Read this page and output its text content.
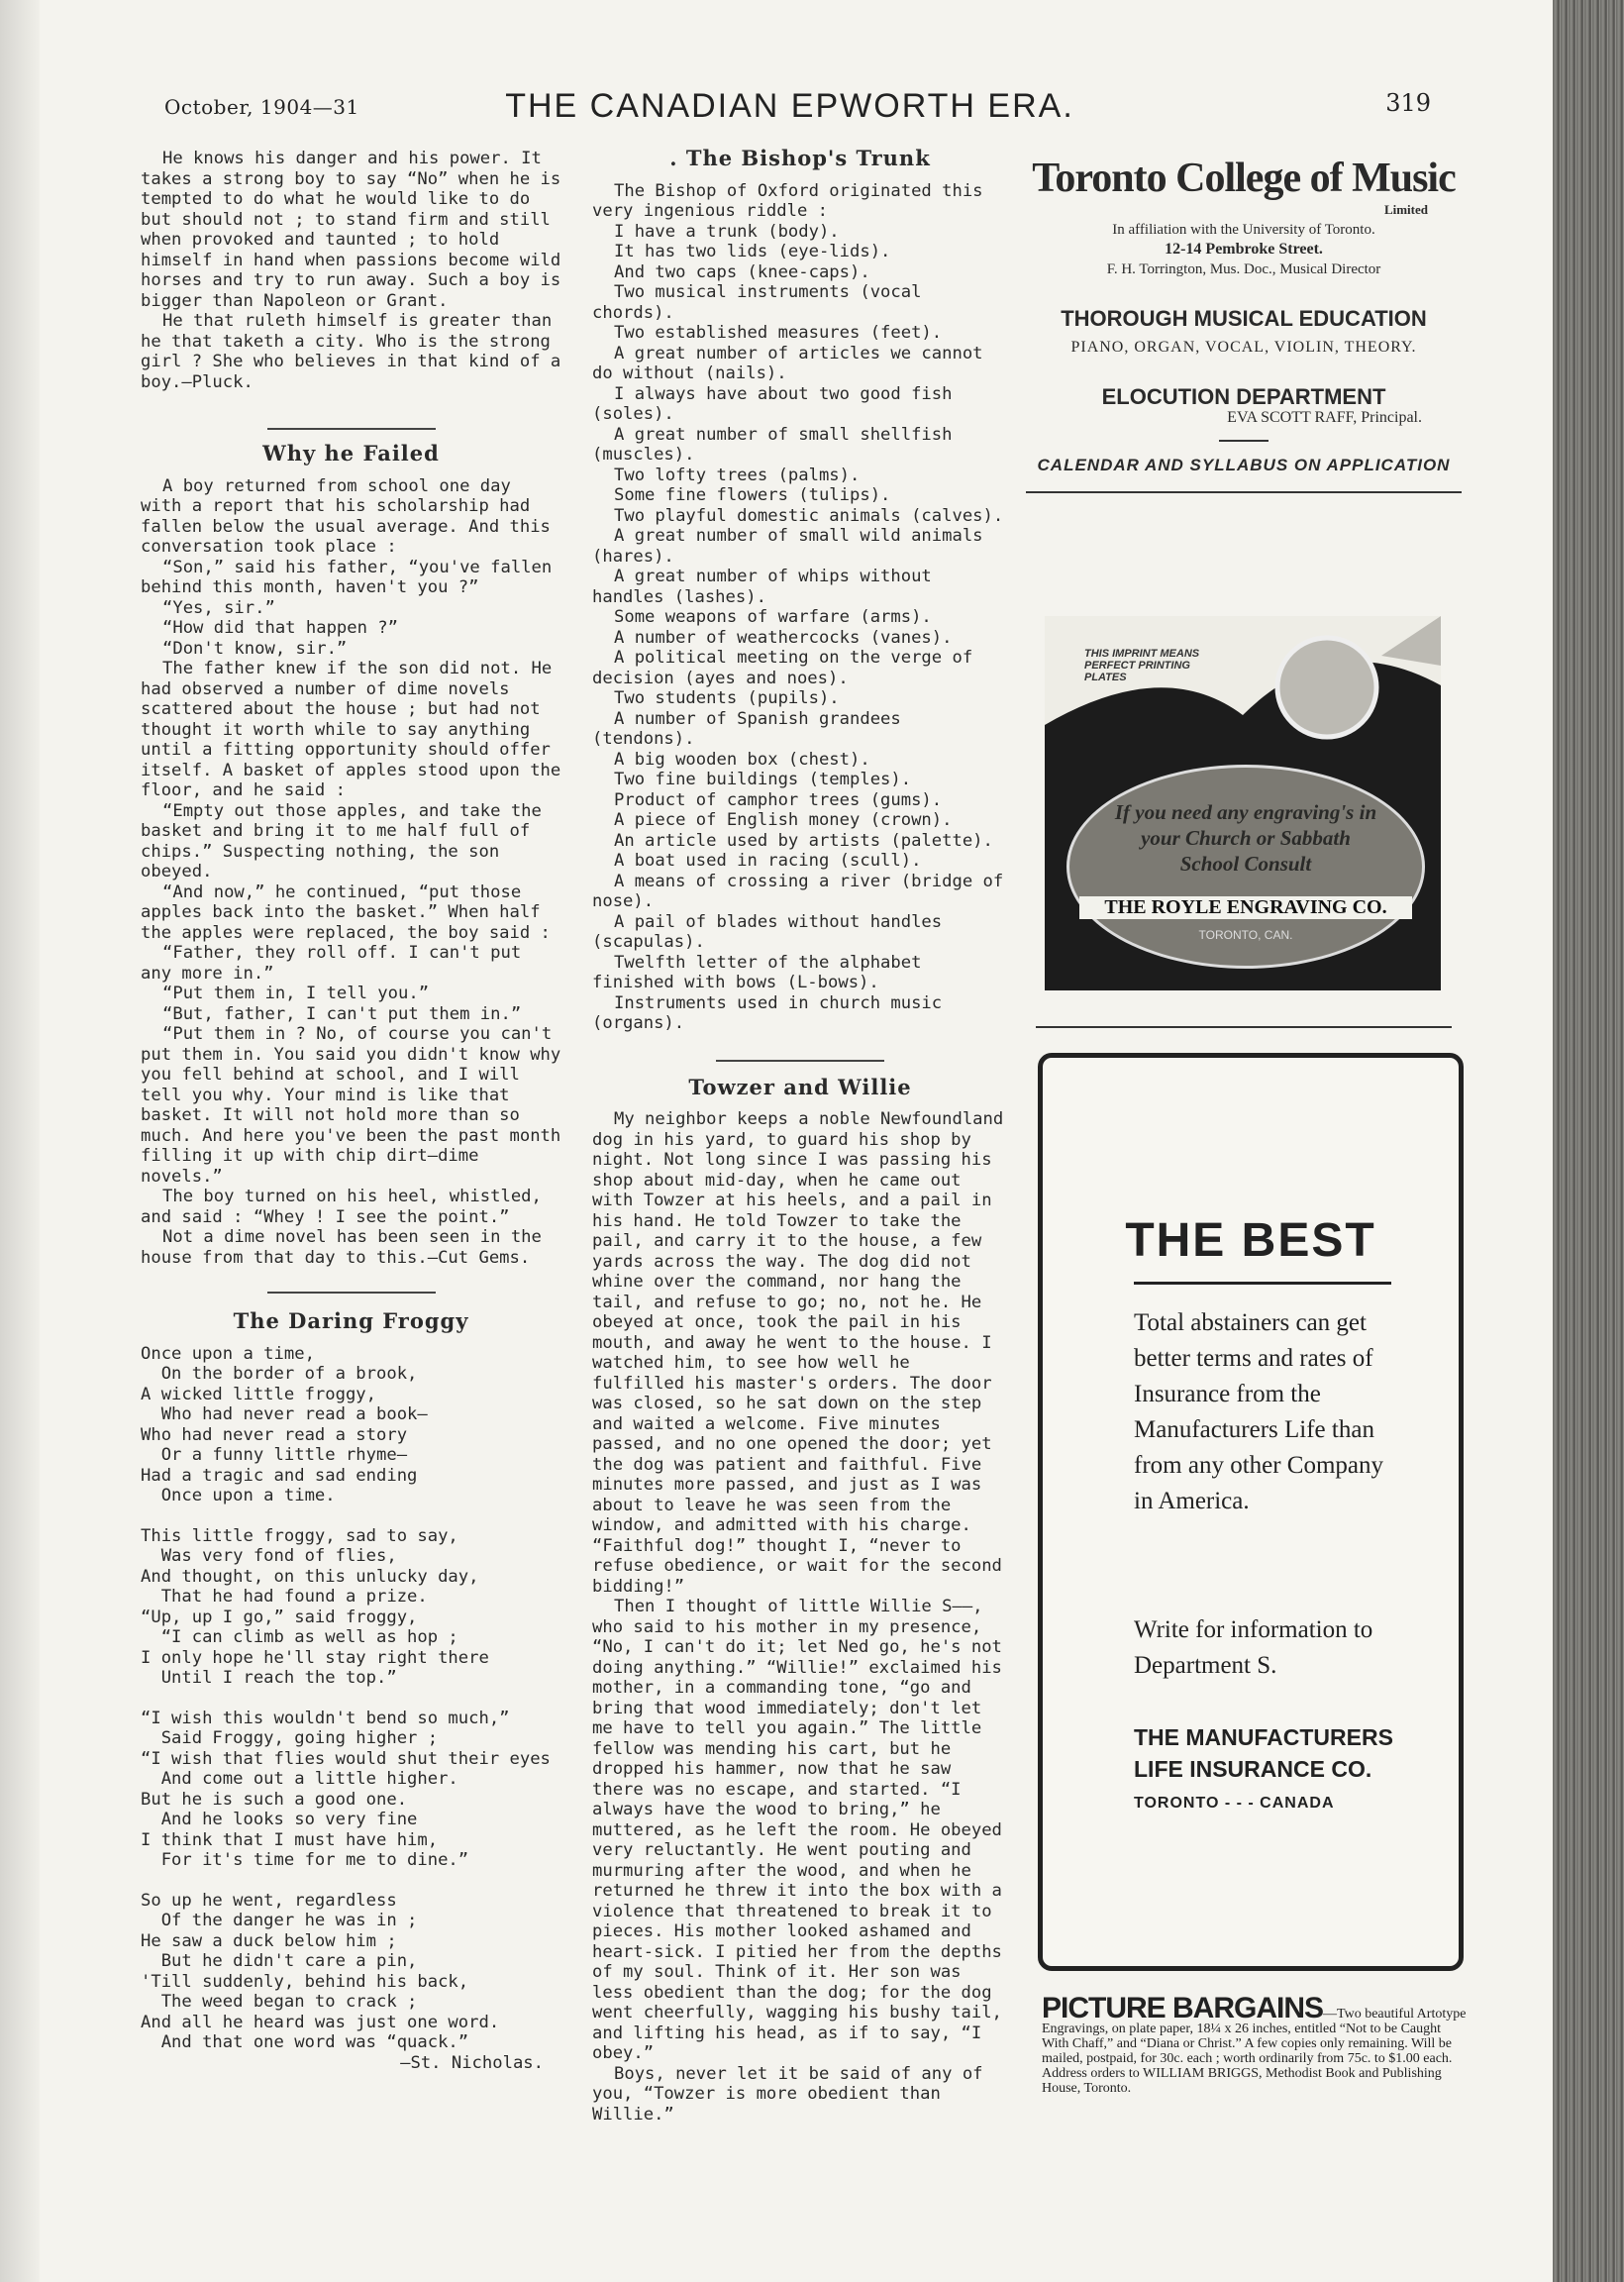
October, 1904—31	THE CANADIAN EPWORTH ERA.	319

He knows his danger and his power. It takes a strong boy to say “No” when he is tempted to do what he would like to do but should not ; to stand firm and still when provoked and taunted ; to hold himself in hand when passions become wild horses and try to run away. Such a boy is bigger than Napoleon or Grant.

He that ruleth himself is greater than he that taketh a city. Who is the strong girl ? She who believes in that kind of a boy.—Pluck.

Why he Failed

A boy returned from school one day with a report that his scholarship had fallen below the usual average. And this conversation took place :

“Son,” said his father, “you've fallen behind this month, haven't you ?”

“Yes, sir.”

“How did that happen ?”

“Don't know, sir.”

The father knew if the son did not. He had observed a number of dime novels scattered about the house ; but had not thought it worth while to say anything until a fitting opportunity should offer itself. A basket of apples stood upon the floor, and he said :

“Empty out those apples, and take the basket and bring it to me half full of chips.” Suspecting nothing, the son obeyed.

“And now,” he continued, “put those apples back into the basket.” When half the apples were replaced, the boy said :

“Father, they roll off. I can't put any more in.”

“Put them in, I tell you.”

“But, father, I can't put them in.”

“Put them in ? No, of course you can't put them in. You said you didn't know why you fell behind at school, and I will tell you why. Your mind is like that basket. It will not hold more than so much. And here you've been the past month filling it up with chip dirt—dime novels.”

The boy turned on his heel, whistled, and said : “Whey ! I see the point.”

Not a dime novel has been seen in the house from that day to this.—Cut Gems.

The Daring Froggy

Once upon a time,

On the border of a brook,

A wicked little froggy,

Who had never read a book—

Who had never read a story

Or a funny little rhyme—

Had a tragic and sad ending

Once upon a time.

This little froggy, sad to say,

Was very fond of flies,

And thought, on this unlucky day,

That he had found a prize.

“Up, up I go,” said froggy,

“I can climb as well as hop ;

I only hope he'll stay right there

Until I reach the top.”

“I wish this wouldn't bend so much,”

Said Froggy, going higher ;

“I wish that flies would shut their eyes

And come out a little higher.

But he is such a good one.

And he looks so very fine

I think that I must have him,

For it's time for me to dine.”

So up he went, regardless

Of the danger he was in ;

He saw a duck below him ;

But he didn't care a pin,

'Till suddenly, behind his back,

The weed began to crack ;

And all he heard was just one word.

And that one word was “quack.”

—St. Nicholas.

. The Bishop's Trunk

The Bishop of Oxford originated this very ingenious riddle :

I have a trunk (body).

It has two lids (eye-lids).

And two caps (knee-caps).

Two musical instruments (vocal chords).

Two established measures (feet).

A great number of articles we cannot do without (nails).

I always have about two good fish (soles).

A great number of small shellfish (muscles).

Two lofty trees (palms).

Some fine flowers (tulips).

Two playful domestic animals (calves).

A great number of small wild animals (hares).

A great number of whips without handles (lashes).

Some weapons of warfare (arms).

A number of weathercocks (vanes).

A political meeting on the verge of decision (ayes and noes).

Two students (pupils).

A number of Spanish grandees (tendons).

A big wooden box (chest).

Two fine buildings (temples).

Product of camphor trees (gums).

A piece of English money (crown).

An article used by artists (palette).

A boat used in racing (scull).

A means of crossing a river (bridge of nose).

A pail of blades without handles (scapulas).

Twelfth letter of the alphabet finished with bows (L-bows).

Instruments used in church music (organs).

Towzer and Willie

My neighbor keeps a noble Newfoundland dog in his yard, to guard his shop by night. Not long since I was passing his shop about mid-day, when he came out with Towzer at his heels, and a pail in his hand. He told Towzer to take the pail, and carry it to the house, a few yards across the way. The dog did not whine over the command, nor hang the tail, and refuse to go; no, not he. He obeyed at once, took the pail in his mouth, and away he went to the house. I watched him, to see how well he fulfilled his master's orders. The door was closed, so he sat down on the step and waited a welcome. Five minutes passed, and no one opened the door; yet the dog was patient and faithful. Five minutes more passed, and just as I was about to leave he was seen from the window, and admitted with his charge. “Faithful dog!” thought I, “never to refuse obedience, or wait for the second bidding!”

Then I thought of little Willie S——, who said to his mother in my presence, “No, I can't do it; let Ned go, he's not doing anything.” “Willie!” exclaimed his mother, in a commanding tone, “go and bring that wood immediately; don't let me have to tell you again.” The little fellow was mending his cart, but he dropped his hammer, now that he saw there was no escape, and started. “I always have the wood to bring,” he muttered, as he left the room. He obeyed very reluctantly. He went pouting and murmuring after the wood, and when he returned he threw it into the box with a violence that threatened to break it to pieces. His mother looked ashamed and heart-sick. I pitied her from the depths of my soul. Think of it. Her son was less obedient than the dog; for the dog went cheerfully, wagging his bushy tail, and lifting his head, as if to say, “I obey.”

Boys, never let it be said of any of you, “Towzer is more obedient than Willie.”

Toronto College of Music
Limited
In affiliation with the University of Toronto.
12-14 Pembroke Street.
F. H. Torrington, Mus. Doc., Musical Director
THOROUGH MUSICAL EDUCATION
PIANO, ORGAN, VOCAL, VIOLIN, THEORY.
ELOCUTION DEPARTMENT
EVA SCOTT RAFF, Principal.
CALENDAR AND SYLLABUS ON APPLICATION
THIS IMPRINT MEANS PERFECT PRINTING PLATES
If you need any engraving's in your Church or Sabbath School Consult
THE ROYLE ENGRAVING CO.
TORONTO, CAN.
THE BEST
Total abstainers can get better terms and rates of Insurance from the Manufacturers Life than from any other Company in America.
Write for information to Department S.
THE MANUFACTURERS LIFE INSURANCE CO.
TORONTO - - - CANADA
PICTURE BARGAINS—Two beautiful Artotype Engravings, on plate paper, 18¼ x 26 inches, entitled “Not to be Caught With Chaff,” and “Diana or Christ.” A few copies only remaining. Will be mailed, postpaid, for 30c. each ; worth ordinarily from 75c. to $1.00 each. Address orders to WILLIAM BRIGGS, Methodist Book and Publishing House, Toronto.
